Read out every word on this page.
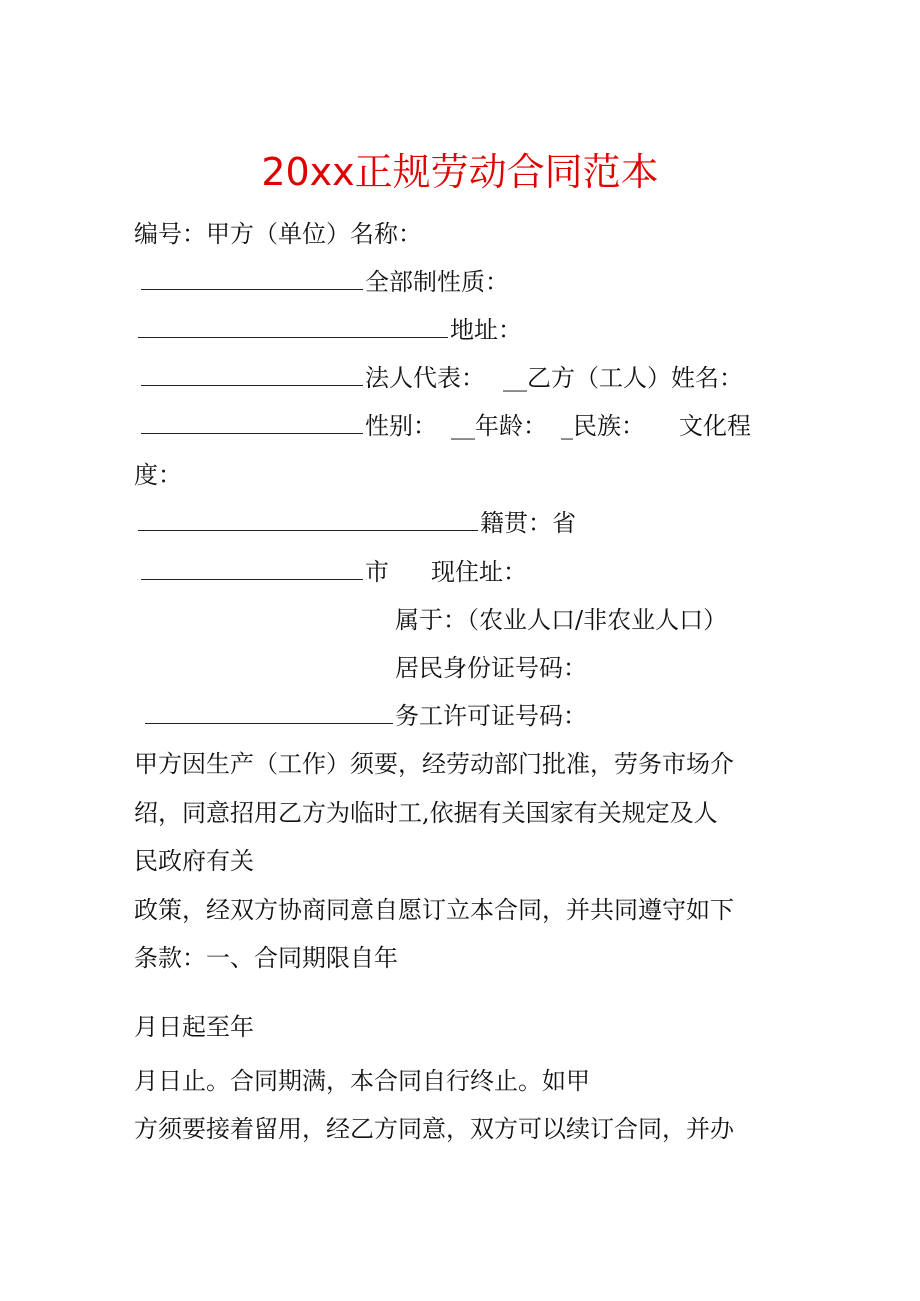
20xx正规劳动合同范本
编号：甲方（单位）名称：
全部制性质：
地址：
法人代表： __乙方（工人）姓名：
性别： __年龄： _民族： 文化程
度：
籍贯：省
市 现住址：
属于：（农业人口/非农业人口）
居民身份证号码：
务工许可证号码：
甲方因生产（工作）须要，经劳动部门批准，劳务市场介
绍，同意招用乙方为临时工,依据有关国家有关规定及人
民政府有关
政策，经双方协商同意自愿订立本合同，并共同遵守如下
条款：一、合同期限自年
月日起至年
月日止。合同期满，本合同自行终止。如甲
方须要接着留用，经乙方同意，双方可以续订合同，并办
